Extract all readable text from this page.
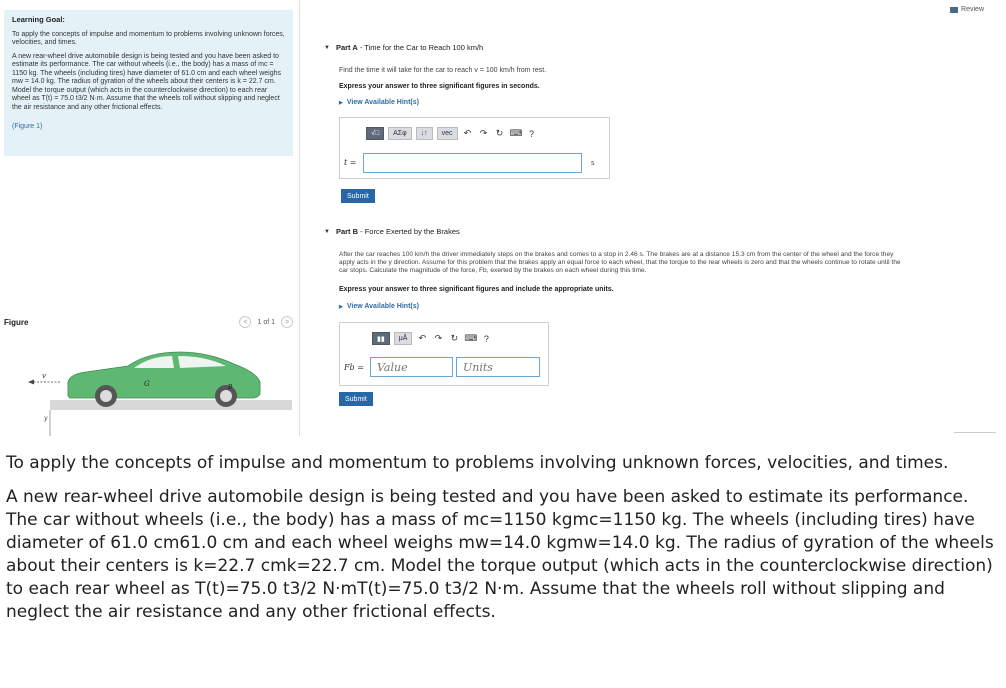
Learning Goal:
To apply the concepts of impulse and momentum to problems involving unknown forces, velocities, and times.
A new rear-wheel drive automobile design is being tested and you have been asked to estimate its performance. The car without wheels (i.e., the body) has a mass of mc = 1150 kg. The wheels (including tires) have diameter of 61.0 cm and each wheel weighs mw = 14.0 kg. The radius of gyration of the wheels about their centers is k = 22.7 cm. Model the torque output (which acts in the counterclockwise direction) to each rear wheel as T(t) = 75.0 t3/2 N·m. Assume that the wheels roll without slipping and neglect the air resistance and any other frictional effects.
(Figure 1)
Figure	<	1 of 1	>
v
G	B
y
Review
▼ Part A - Time for the Car to Reach 100 km/h
Find the time it will take for the car to reach v = 100 km/h from rest.
Express your answer to three significant figures in seconds.
▶ View Available Hint(s)
√□	ΑΣφ	↓↑	vec	↶ ↷ ↻ ⌨ ?
t =	s
Submit
▼ Part B - Force Exerted by the Brakes
After the car reaches 100 km/h the driver immediately steps on the brakes and comes to a stop in 2.46 s. The brakes are at a distance 15.3 cm from the center of the wheel and the force they
apply acts in the y direction. Assume for this problem that the brakes apply an equal force to each wheel, that the torque to the rear wheels is zero and that the wheels continue to rotate until the
car stops. Calculate the magnitude of the force, Fb, exerted by the brakes on each wheel during this time.
Express your answer to three significant figures and include the appropriate units.
▶ View Available Hint(s)
▮▮	μÅ	↶ ↷ ↻ ⌨ ?
Fb =
Value
Units
Submit

To apply the concepts of impulse and momentum to problems involving unknown forces, velocities, and times.

A new rear-wheel drive automobile design is being tested and you have been asked to estimate its performance. The car without wheels (i.e., the body) has a mass of mc=1150 kgmc=1150 kg. The wheels (including tires) have diameter of 61.0 cm61.0 cm and each wheel weighs mw=14.0 kgmw=14.0 kg. The radius of gyration of the wheels about their centers is k=22.7 cmk=22.7 cm. Model the torque output (which acts in the counterclockwise direction) to each rear wheel as T(t)=75.0 t3/2 N·mT(t)=75.0 t3/2 N·m. Assume that the wheels roll without slipping and neglect the air resistance and any other frictional effects.
